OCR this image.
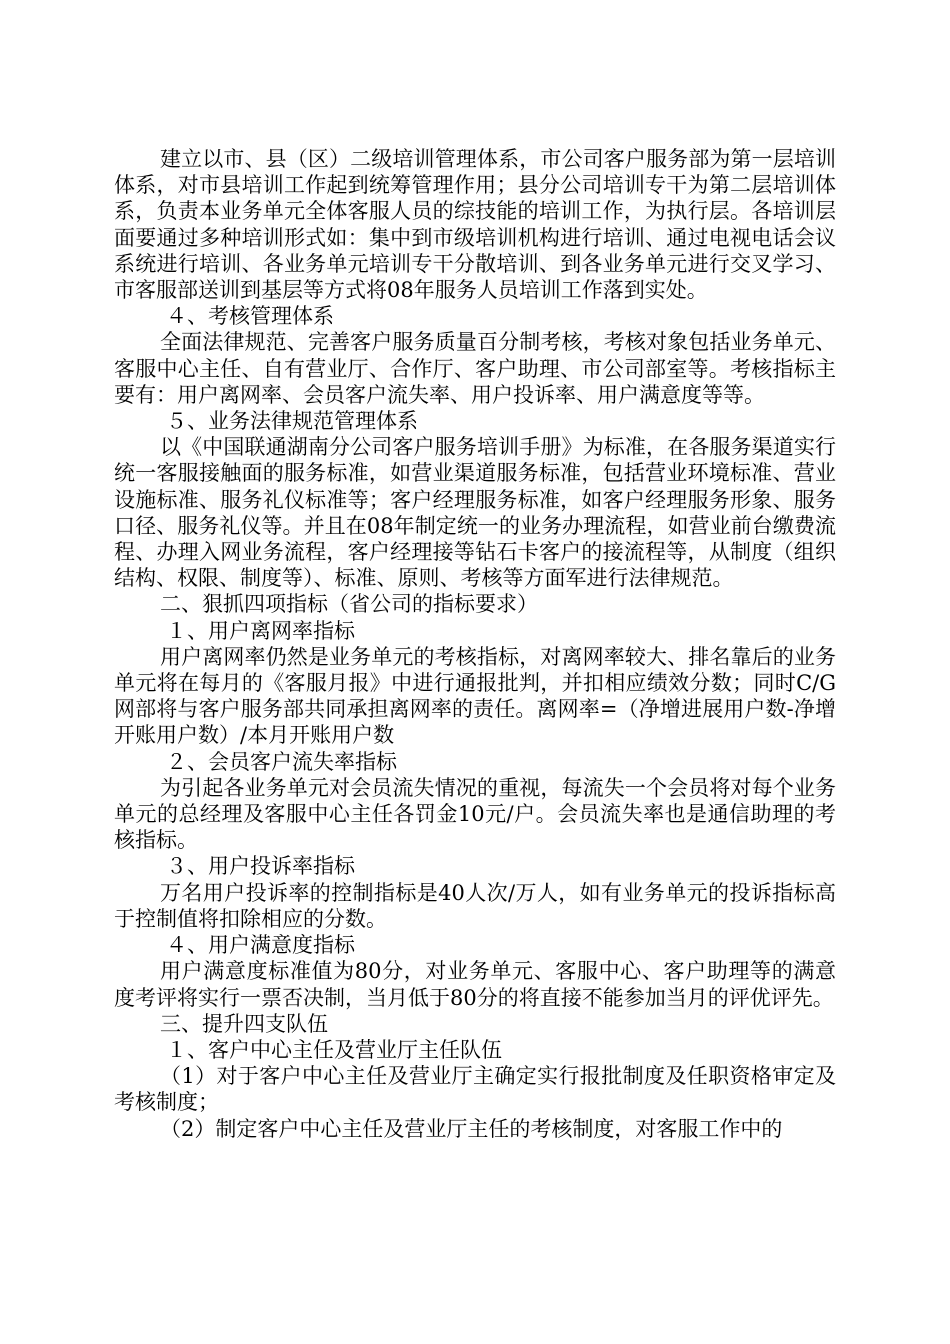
建立以市、县（区）二级培训管理体系，市公司客户服务部为第一层培训体系，对市县培训工作起到统筹管理作用；县分公司培训专干为第二层培训体系，负责本业务单元全体客服人员的综技能的培训工作，为执行层。各培训层面要通过多种培训形式如：集中到市级培训机构进行培训、通过电视电话会议系统进行培训、各业务单元培训专干分散培训、到各业务单元进行交叉学习、市客服部送训到基层等方式将08年服务人员培训工作落到实处。

４、考核管理体系

全面法律规范、完善客户服务质量百分制考核，考核对象包括业务单元、客服中心主任、自有营业厅、合作厅、客户助理、市公司部室等。考核指标主要有：用户离网率、会员客户流失率、用户投诉率、用户满意度等等。

５、业务法律规范管理体系

以《中国联通湖南分公司客户服务培训手册》为标准，在各服务渠道实行统一客服接触面的服务标准，如营业渠道服务标准，包括营业环境标准、营业设施标准、服务礼仪标准等；客户经理服务标准，如客户经理服务形象、服务口径、服务礼仪等。并且在08年制定统一的业务办理流程，如营业前台缴费流程、办理入网业务流程，客户经理接等钻石卡客户的接流程等，从制度（组织结构、权限、制度等）、标准、原则、考核等方面军进行法律规范。

二、狠抓四项指标（省公司的指标要求）

１、用户离网率指标

用户离网率仍然是业务单元的考核指标，对离网率较大、排名靠后的业务单元将在每月的《客服月报》中进行通报批判，并扣相应绩效分数；同时C/G网部将与客户服务部共同承担离网率的责任。离网率=（净增进展用户数-净增开账用户数）/本月开账用户数

２、会员客户流失率指标

为引起各业务单元对会员流失情况的重视，每流失一个会员将对每个业务单元的总经理及客服中心主任各罚金10元/户。会员流失率也是通信助理的考核指标。

３、用户投诉率指标

万名用户投诉率的控制指标是40人次/万人，如有业务单元的投诉指标高于控制值将扣除相应的分数。

４、用户满意度指标

用户满意度标准值为80分，对业务单元、客服中心、客户助理等的满意度考评将实行一票否决制，当月低于80分的将直接不能参加当月的评优评先。

三、提升四支队伍

１、客户中心主任及营业厅主任队伍

（1）对于客户中心主任及营业厅主确定实行报批制度及任职资格审定及考核制度；

（2）制定客户中心主任及营业厅主任的考核制度，对客服工作中的
